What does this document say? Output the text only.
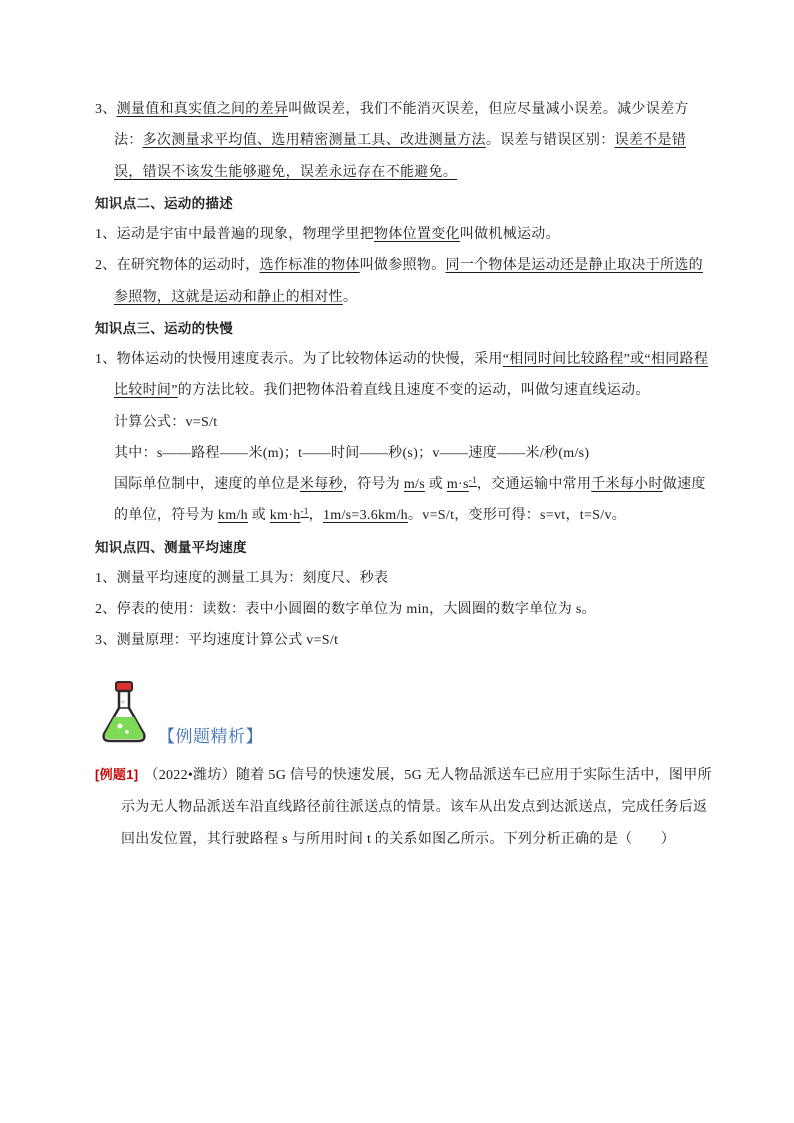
3、测量值和真实值之间的差异叫做误差，我们不能消灭误差，但应尽量减小误差。减少误差方
法：多次测量求平均值、选用精密测量工具、改进测量方法。误差与错误区别：误差不是错
误，错误不该发生能够避免，误差永远存在不能避免。
知识点二、运动的描述
1、运动是宇宙中最普遍的现象，物理学里把物体位置变化叫做机械运动。
2、在研究物体的运动时，选作标准的物体叫做参照物。同一个物体是运动还是静止取决于所选的
参照物，这就是运动和静止的相对性。
知识点三、运动的快慢
1、物体运动的快慢用速度表示。为了比较物体运动的快慢，采用“相同时间比较路程”或“相同路程
比较时间”的方法比较。我们把物体沿着直线且速度不变的运动，叫做匀速直线运动。
计算公式：v=S/t
其中：s——路程——米(m)；t——时间——秒(s)；v——速度——米/秒(m/s)
国际单位制中，速度的单位是米每秒，符号为 m/s 或 $m\cdot s^{-1}$，交通运输中常用千米每小时做速度
的单位，符号为 km/h 或 $km\cdot h^{-1}$，1m/s=3.6km/h。v=S/t，变形可得：s=vt，t=S/v。
知识点四、测量平均速度
1、测量平均速度的测量工具为：刻度尺、秒表
2、停表的使用：读数：表中小圆圈的数字单位为 min，大圆圈的数字单位为 s。
3、测量原理：平均速度计算公式 v=S/t
【例题精析】
[例题1] （2022•潍坊）随着 5G 信号的快速发展，5G 无人物品派送车已应用于实际生活中，图甲所
示为无人物品派送车沿直线路径前往派送点的情景。该车从出发点到达派送点，完成任务后返
回出发位置，其行驶路程 s 与所用时间 t 的关系如图乙所示。下列分析正确的是（　　）
